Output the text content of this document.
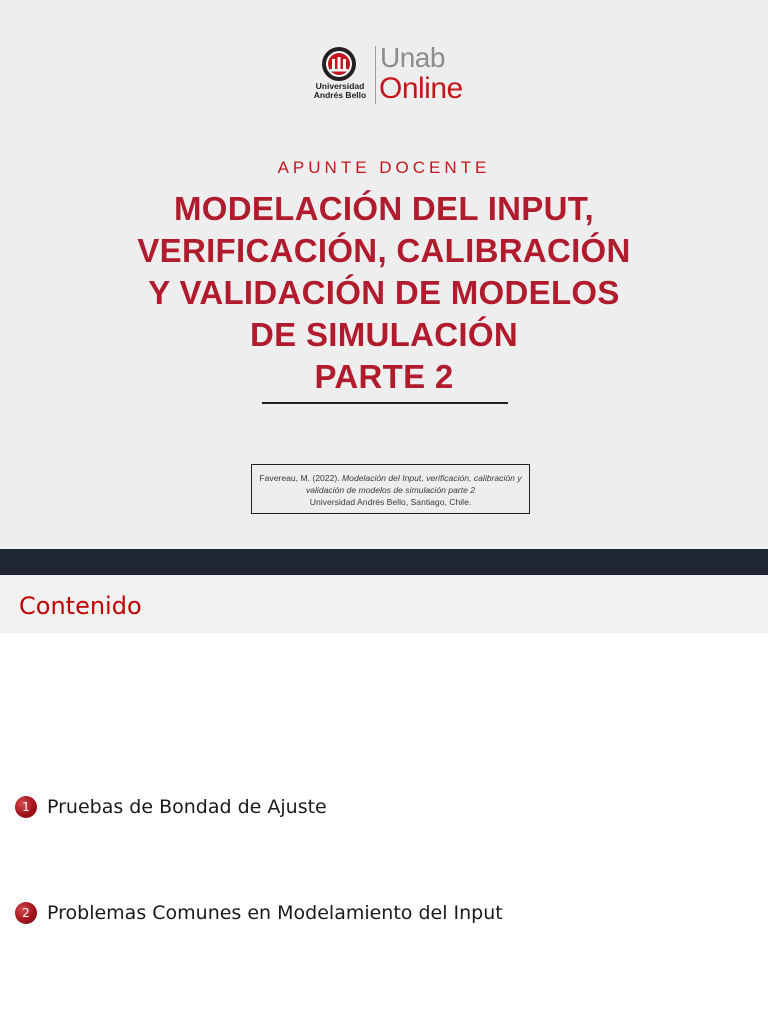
Universidad
Andrés Bello
Unab
Online
APUNTE DOCENTE
MODELACIÓN DEL INPUT,
VERIFICACIÓN, CALIBRACIÓN
Y VALIDACIÓN DE MODELOS
DE SIMULACIÓN
PARTE 2
Favereau, M. (2022). Modelación del Input, verificación, calibración y validación de modelos de simulación parte 2
Universidad Andrés Bello, Santiago, Chile.
Contenido
1 Pruebas de Bondad de Ajuste
2 Problemas Comunes en Modelamiento del Input
